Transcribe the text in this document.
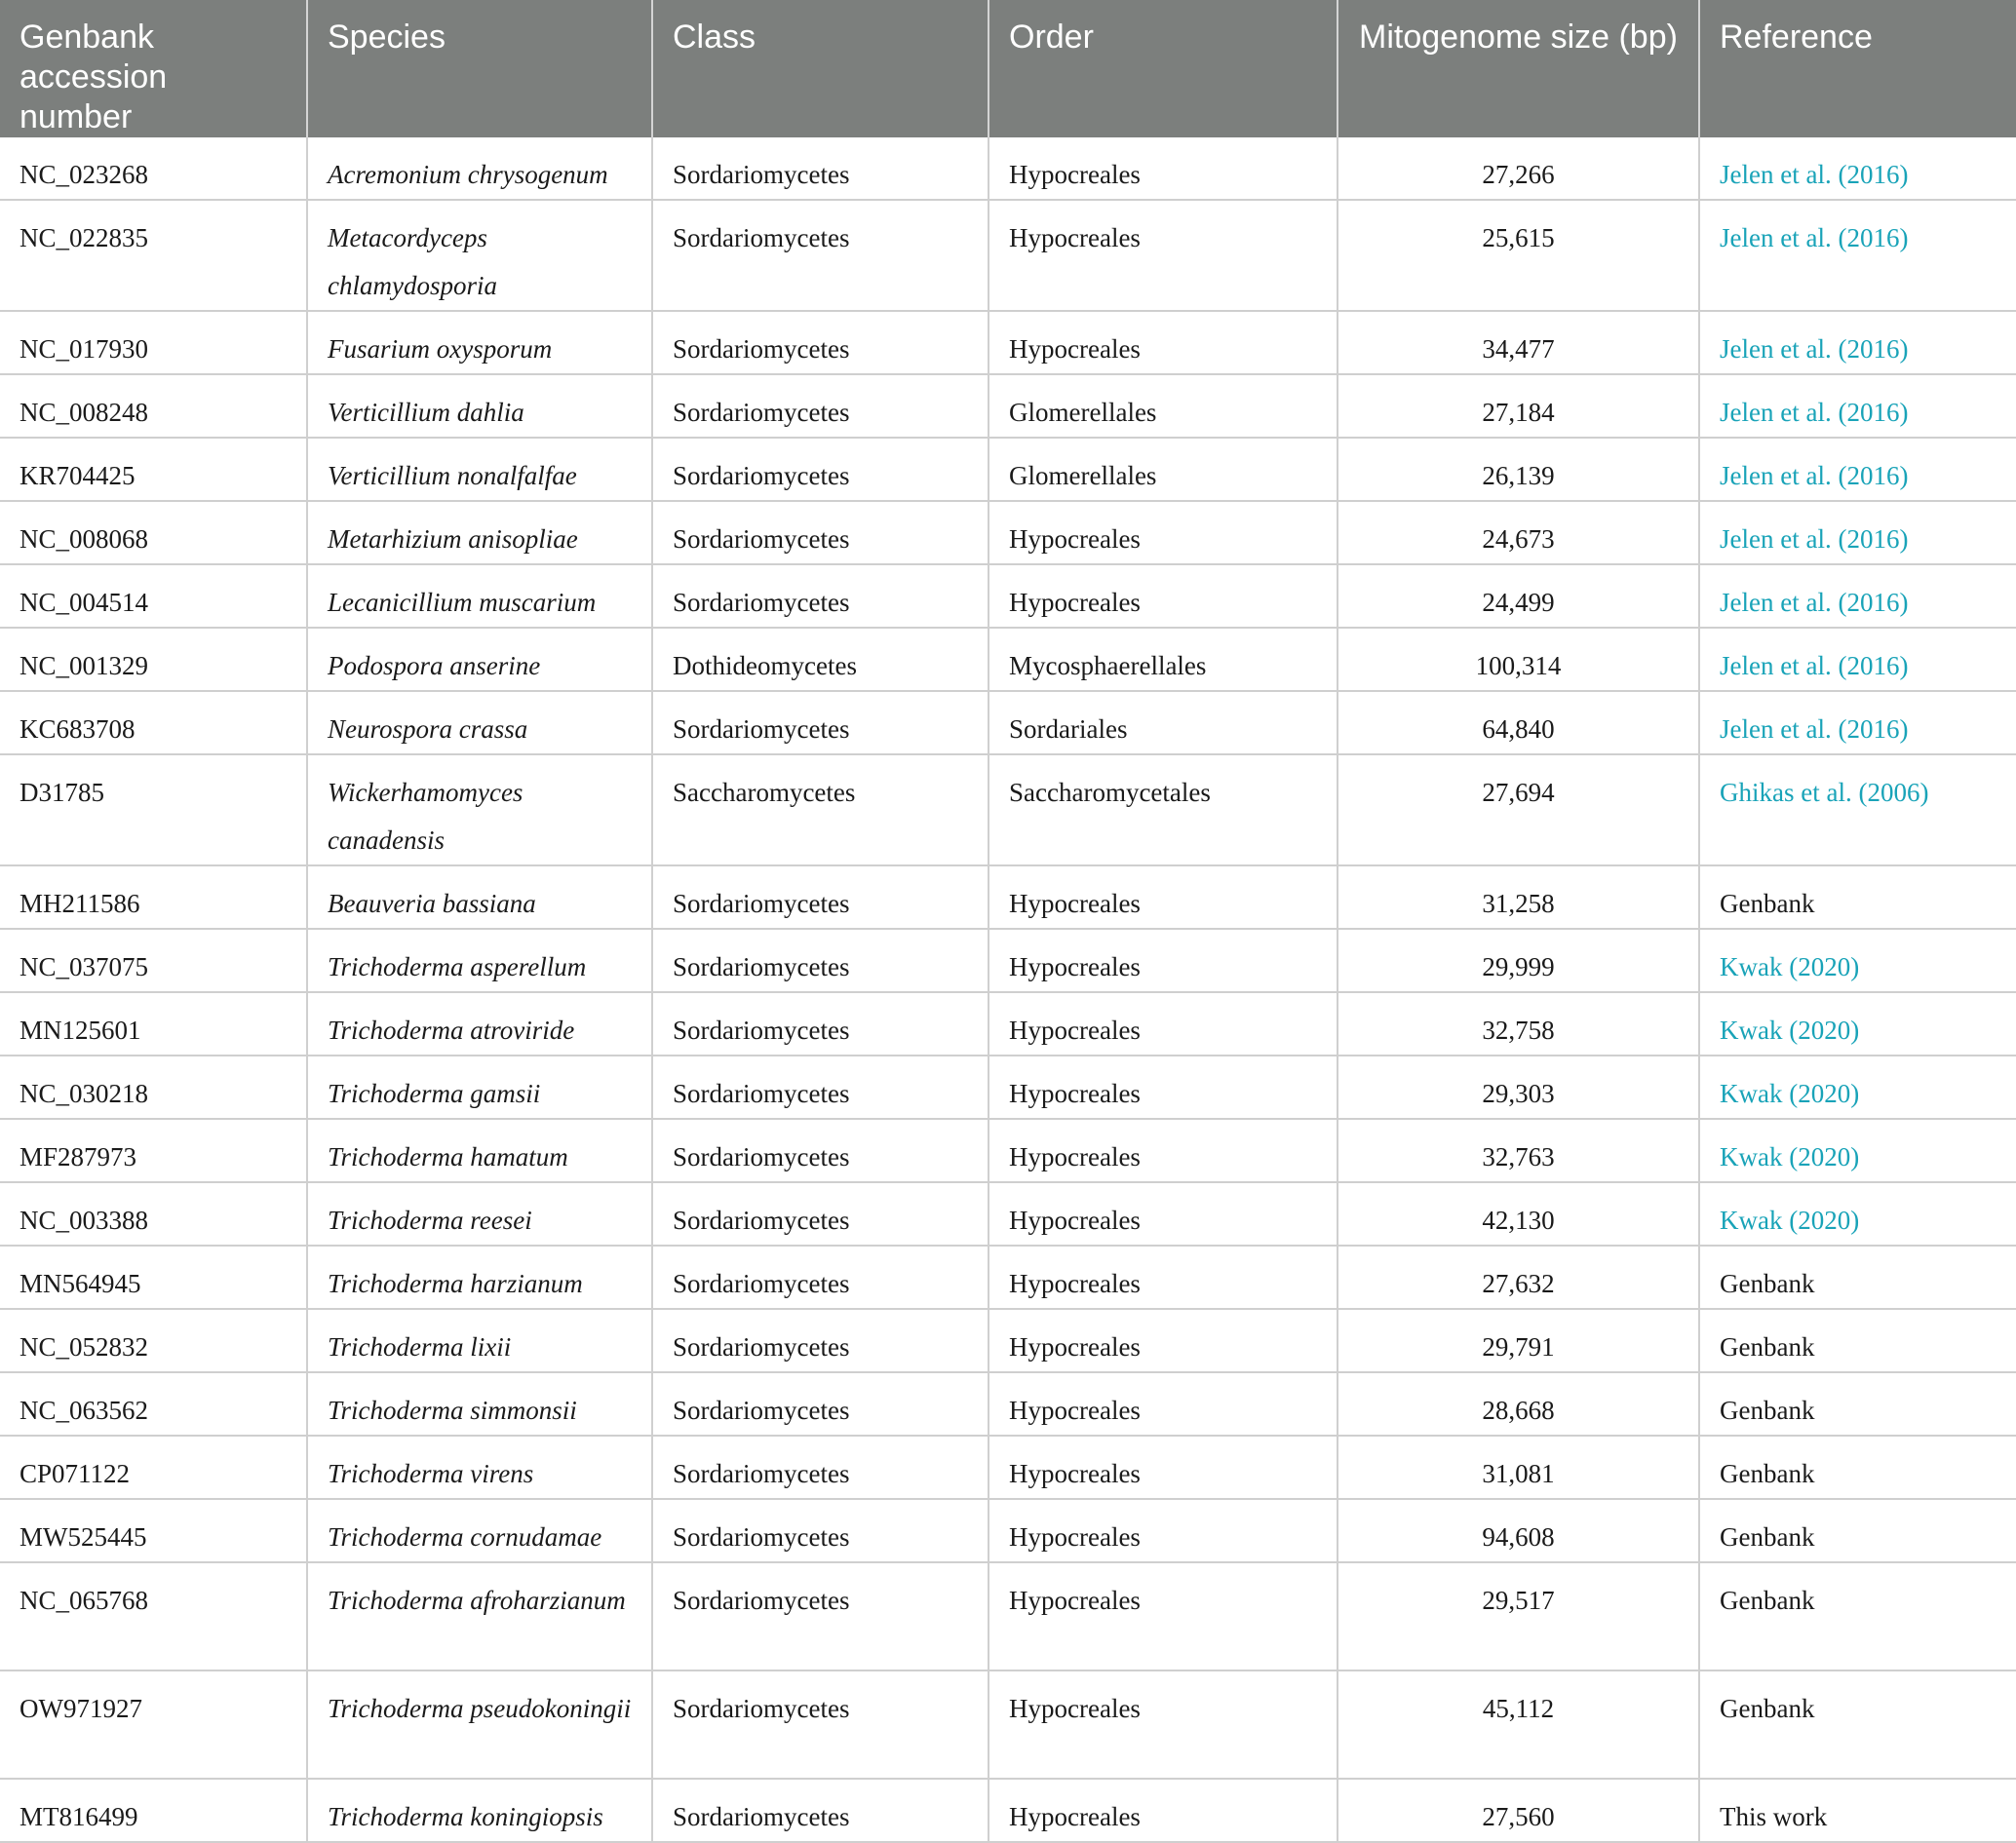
Genbank accession number	Species	Class	Order	Mitogenome size (bp)	Reference
NC_023268	Acremonium chrysogenum	Sordariomycetes	Hypocreales	27,266	Jelen et al. (2016)
NC_022835	Metacordyceps chlamydosporia	Sordariomycetes	Hypocreales	25,615	Jelen et al. (2016)
NC_017930	Fusarium oxysporum	Sordariomycetes	Hypocreales	34,477	Jelen et al. (2016)
NC_008248	Verticillium dahlia	Sordariomycetes	Glomerellales	27,184	Jelen et al. (2016)
KR704425	Verticillium nonalfalfae	Sordariomycetes	Glomerellales	26,139	Jelen et al. (2016)
NC_008068	Metarhizium anisopliae	Sordariomycetes	Hypocreales	24,673	Jelen et al. (2016)
NC_004514	Lecanicillium muscarium	Sordariomycetes	Hypocreales	24,499	Jelen et al. (2016)
NC_001329	Podospora anserine	Dothideomycetes	Mycosphaerellales	100,314	Jelen et al. (2016)
KC683708	Neurospora crassa	Sordariomycetes	Sordariales	64,840	Jelen et al. (2016)
D31785	Wickerhamomyces canadensis	Saccharomycetes	Saccharomycetales	27,694	Ghikas et al. (2006)
MH211586	Beauveria bassiana	Sordariomycetes	Hypocreales	31,258	Genbank
NC_037075	Trichoderma asperellum	Sordariomycetes	Hypocreales	29,999	Kwak (2020)
MN125601	Trichoderma atroviride	Sordariomycetes	Hypocreales	32,758	Kwak (2020)
NC_030218	Trichoderma gamsii	Sordariomycetes	Hypocreales	29,303	Kwak (2020)
MF287973	Trichoderma hamatum	Sordariomycetes	Hypocreales	32,763	Kwak (2020)
NC_003388	Trichoderma reesei	Sordariomycetes	Hypocreales	42,130	Kwak (2020)
MN564945	Trichoderma harzianum	Sordariomycetes	Hypocreales	27,632	Genbank
NC_052832	Trichoderma lixii	Sordariomycetes	Hypocreales	29,791	Genbank
NC_063562	Trichoderma simmonsii	Sordariomycetes	Hypocreales	28,668	Genbank
CP071122	Trichoderma virens	Sordariomycetes	Hypocreales	31,081	Genbank
MW525445	Trichoderma cornudamae	Sordariomycetes	Hypocreales	94,608	Genbank
NC_065768	Trichoderma afroharzianum	Sordariomycetes	Hypocreales	29,517	Genbank
OW971927	Trichoderma pseudokoningii	Sordariomycetes	Hypocreales	45,112	Genbank
MT816499	Trichoderma koningiopsis	Sordariomycetes	Hypocreales	27,560	This work
